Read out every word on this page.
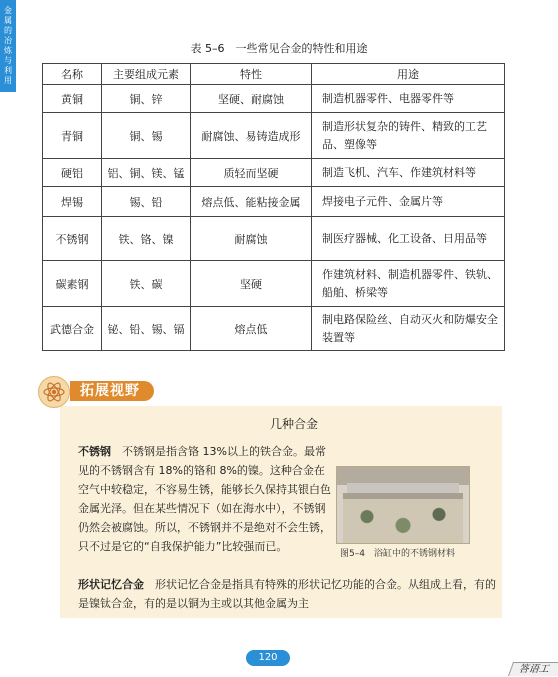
金
属
的
冶
炼
与
利
用
表 5–6　一些常见合金的特性和用途
名称	主要组成元素	特性	用途
黄铜	铜、锌	坚硬、耐腐蚀	制造机器零件、电器零件等
青铜	铜、锡	耐腐蚀、易铸造成形	制造形状复杂的铸件、精致的工艺品、塑像等
硬铝	铝、铜、镁、锰	质轻而坚硬	制造飞机、汽车、作建筑材料等
焊锡	锡、铅	熔点低、能粘接金属	焊接电子元件、金属片等
不锈钢	铁、铬、镍	耐腐蚀	制医疗器械、化工设备、日用品等
碳素钢	铁、碳	坚硬	作建筑材料、制造机器零件、铁轨、船舶、桥梁等
武德合金	铋、铅、锡、镉	熔点低	制电路保险丝、自动灭火和防爆安全装置等
拓展视野
几种合金
不锈钢　不锈钢是指含铬 13%以上的铁合金。最常见的不锈钢含有 18%的铬和 8%的镍。这种合金在空气中较稳定，不容易生锈，能够长久保持其银白色金属光泽。但在某些情况下（如在海水中），不锈钢仍然会被腐蚀。所以，不锈钢并不是绝对不会生锈，只不过是它的“自我保护能力”比较强而已。
图5–4　浴缸中的不锈钢材料
形状记忆合金　形状记忆合金是指具有特殊的形状记忆功能的合金。从组成上看，有的是镍钛合金，有的是以铜为主或以其他金属为主
120
答语工
